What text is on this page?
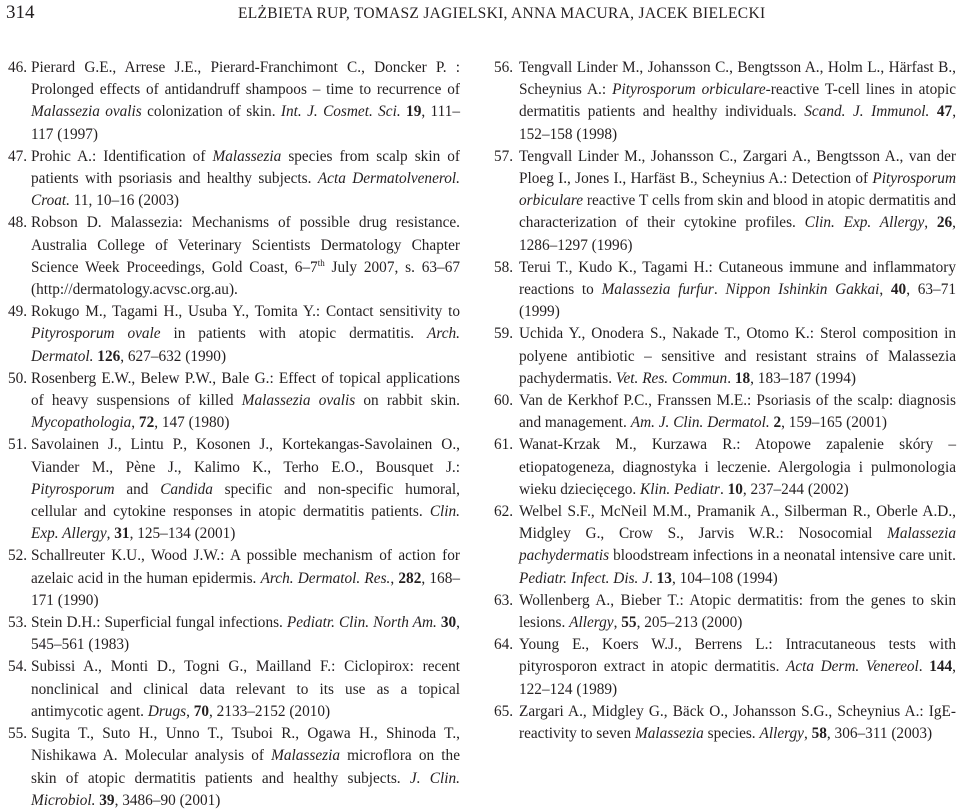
314	ELŻBIETA RUP, TOMASZ JAGIELSKI, ANNA MACURA, JACEK BIELECKI

46. Pierard G.E., Arrese J.E., Pierard-Franchimont C., Doncker P. : Prolonged effects of antidandruff shampoos – time to recurrence of Malassezia ovalis colonization of skin. Int. J. Cosmet. Sci. 19, 111–117 (1997)

47. Prohic A.: Identification of Malassezia species from scalp skin of patients with psoriasis and healthy subjects. Acta Dermatolvenerol. Croat. 11, 10–16 (2003)

48. Robson D. Malassezia: Mechanisms of possible drug resistance. Australia College of Veterinary Scientists Dermatology Chapter Science Week Proceedings, Gold Coast, 6–7th July 2007, s. 63–67 (http://dermatology.acvsc.org.au).

49. Rokugo M., Tagami H., Usuba Y., Tomita Y.: Contact sensitivity to Pityrosporum ovale in patients with atopic dermatitis. Arch. Dermatol. 126, 627–632 (1990)

50. Rosenberg E.W., Belew P.W., Bale G.: Effect of topical applications of heavy suspensions of killed Malassezia ovalis on rabbit skin. Mycopathologia, 72, 147 (1980)

51. Savolainen J., Lintu P., Kosonen J., Kortekangas-Savolainen O., Viander M., Pène J., Kalimo K., Terho E.O., Bousquet J.: Pityrosporum and Candida specific and non-specific humoral, cellular and cytokine responses in atopic dermatitis patients. Clin. Exp. Allergy, 31, 125–134 (2001)

52. Schallreuter K.U., Wood J.W.: A possible mechanism of action for azelaic acid in the human epidermis. Arch. Dermatol. Res., 282, 168–171 (1990)

53. Stein D.H.: Superficial fungal infections. Pediatr. Clin. North Am. 30, 545–561 (1983)

54. Subissi A., Monti D., Togni G., Mailland F.: Ciclopirox: recent nonclinical and clinical data relevant to its use as a topical antimycotic agent. Drugs, 70, 2133–2152 (2010)

55. Sugita T., Suto H., Unno T., Tsuboi R., Ogawa H., Shinoda T., Nishikawa A. Molecular analysis of Malassezia microflora on the skin of atopic dermatitis patients and healthy subjects. J. Clin. Microbiol. 39, 3486–90 (2001)

56. Tengvall Linder M., Johansson C., Bengtsson A., Holm L., Härfast B., Scheynius A.: Pityrosporum orbiculare-reactive T-cell lines in atopic dermatitis patients and healthy individuals. Scand. J. Immunol. 47, 152–158 (1998)

57. Tengvall Linder M., Johansson C., Zargari A., Bengtsson A., van der Ploeg I., Jones I., Harfäst B., Scheynius A.: Detection of Pityrosporum orbiculare reactive T cells from skin and blood in atopic dermatitis and characterization of their cytokine profiles. Clin. Exp. Allergy, 26, 1286–1297 (1996)

58. Terui T., Kudo K., Tagami H.: Cutaneous immune and inflammatory reactions to Malassezia furfur. Nippon Ishinkin Gakkai, 40, 63–71 (1999)

59. Uchida Y., Onodera S., Nakade T., Otomo K.: Sterol composition in polyene antibiotic – sensitive and resistant strains of Malassezia pachydermatis. Vet. Res. Commun. 18, 183–187 (1994)

60. Van de Kerkhof P.C., Franssen M.E.: Psoriasis of the scalp: diagnosis and management. Am. J. Clin. Dermatol. 2, 159–165 (2001)

61. Wanat-Krzak M., Kurzawa R.: Atopowe zapalenie skóry – etiopatogeneza, diagnostyka i leczenie. Alergologia i pulmonologia wieku dziecięcego. Klin. Pediatr. 10, 237–244 (2002)

62. Welbel S.F., McNeil M.M., Pramanik A., Silberman R., Oberle A.D., Midgley G., Crow S., Jarvis W.R.: Nosocomial Malassezia pachydermatis bloodstream infections in a neonatal intensive care unit. Pediatr. Infect. Dis. J. 13, 104–108 (1994)

63. Wollenberg A., Bieber T.: Atopic dermatitis: from the genes to skin lesions. Allergy, 55, 205–213 (2000)

64. Young E., Koers W.J., Berrens L.: Intracutaneous tests with pityrosporon extract in atopic dermatitis. Acta Derm. Venereol. 144, 122–124 (1989)

65. Zargari A., Midgley G., Bäck O., Johansson S.G., Scheynius A.: IgE-reactivity to seven Malassezia species. Allergy, 58, 306–311 (2003)
